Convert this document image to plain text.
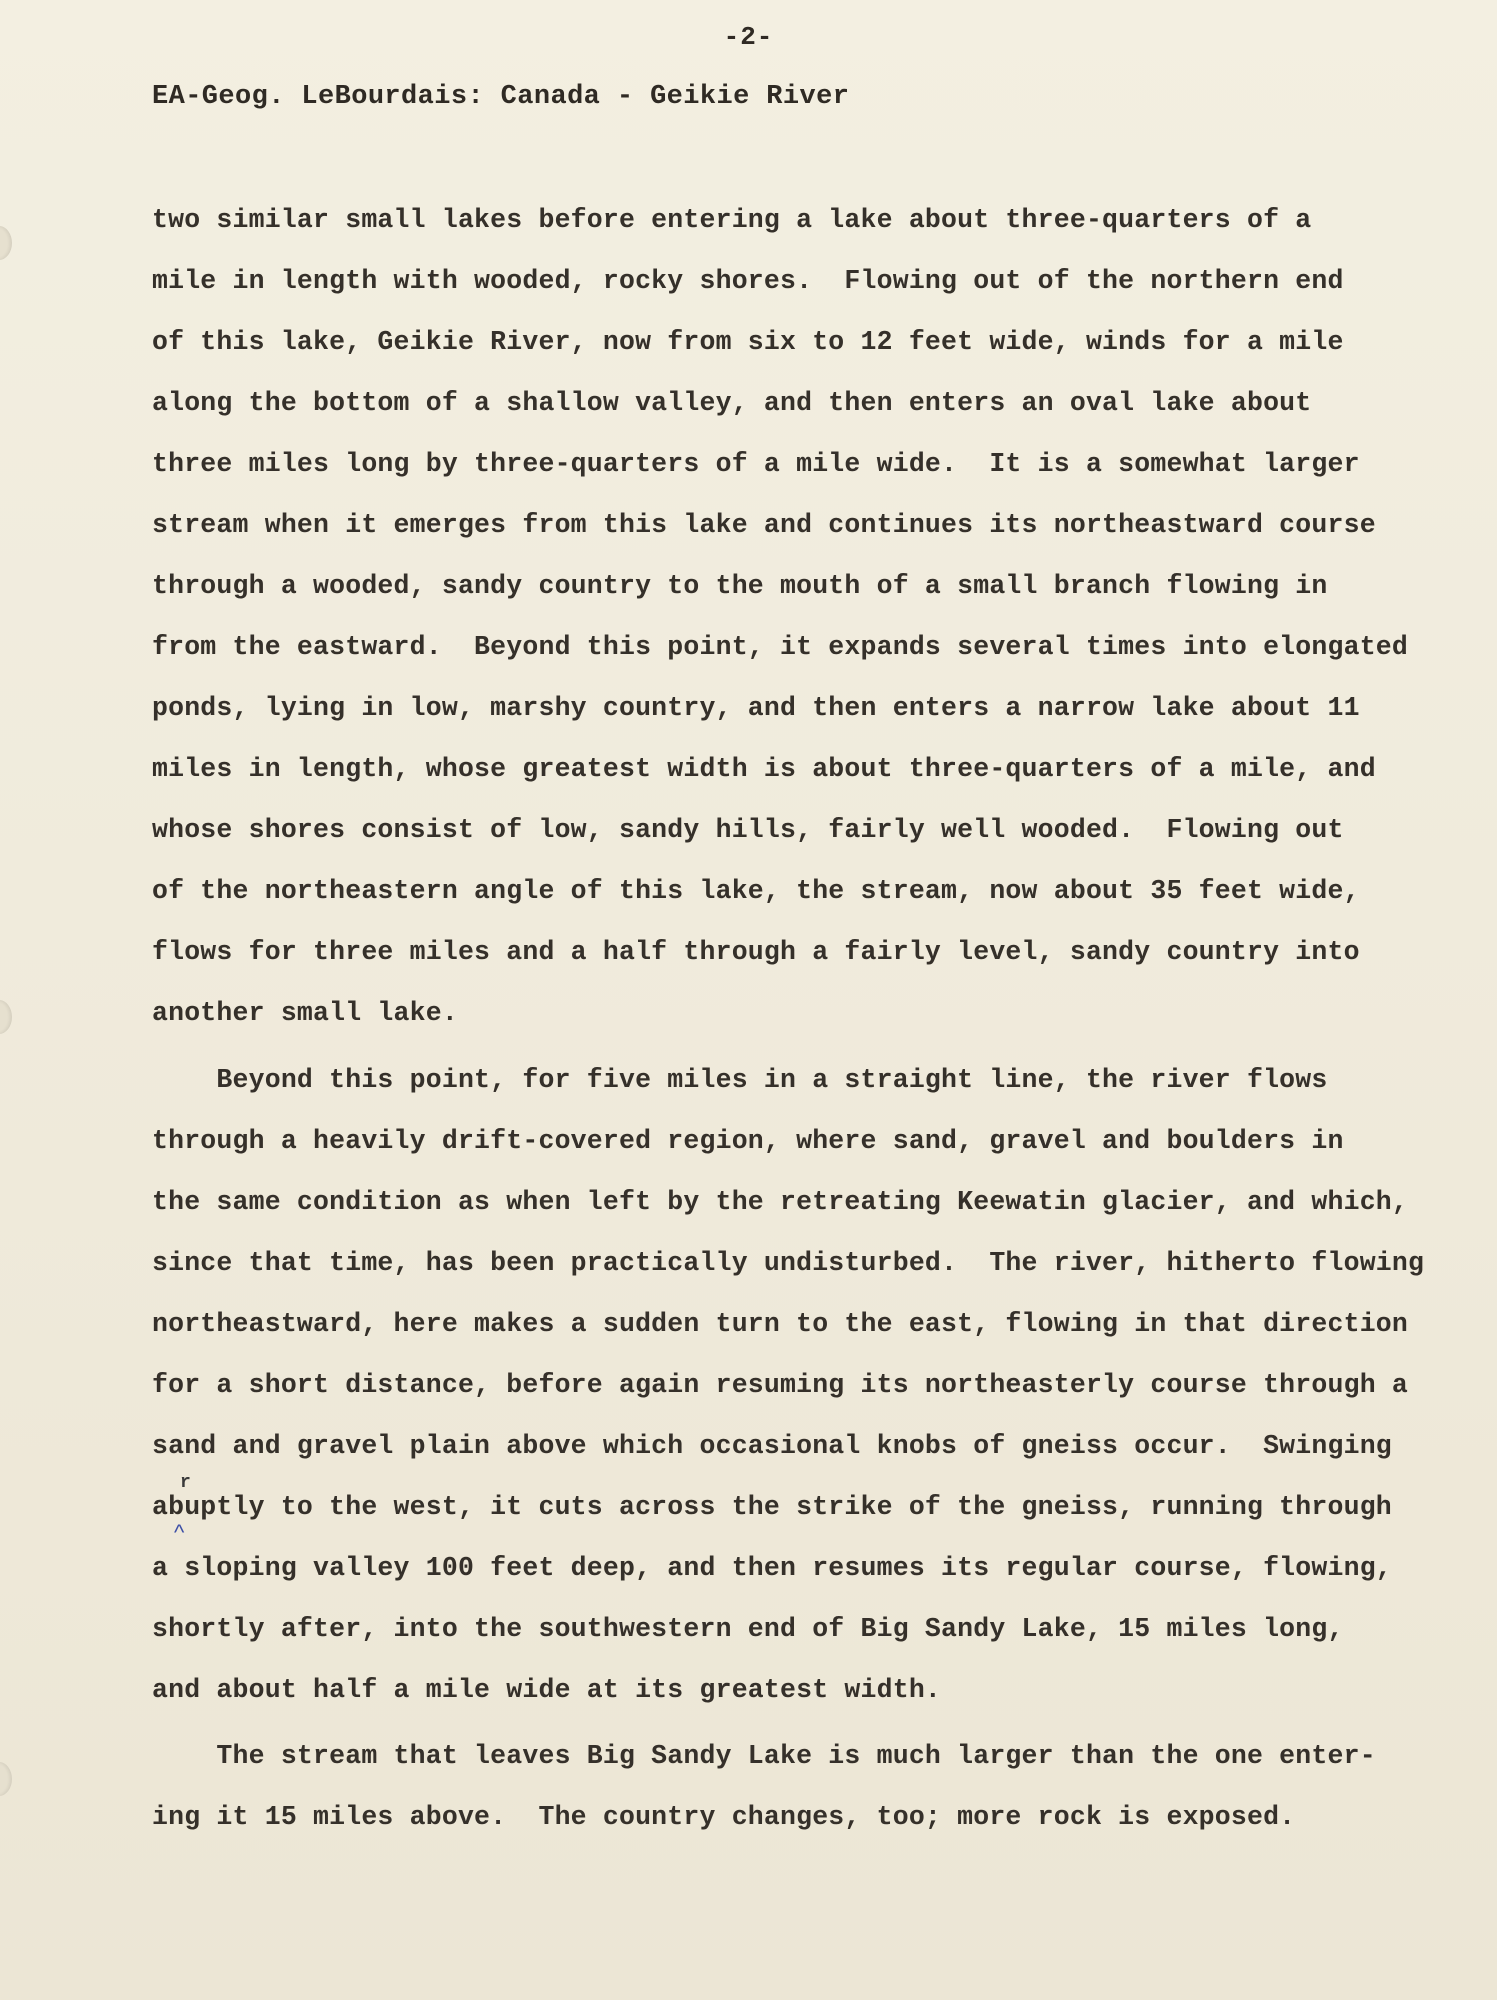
-2-
EA-Geog. LeBourdais: Canada - Geikie River
two similar small lakes before entering a lake about three-quarters of a
mile in length with wooded, rocky shores.  Flowing out of the northern end
of this lake, Geikie River, now from six to 12 feet wide, winds for a mile
along the bottom of a shallow valley, and then enters an oval lake about
three miles long by three-quarters of a mile wide.  It is a somewhat larger
stream when it emerges from this lake and continues its northeastward course
through a wooded, sandy country to the mouth of a small branch flowing in
from the eastward.  Beyond this point, it expands several times into elongated
ponds, lying in low, marshy country, and then enters a narrow lake about 11
miles in length, whose greatest width is about three-quarters of a mile, and
whose shores consist of low, sandy hills, fairly well wooded.  Flowing out
of the northeastern angle of this lake, the stream, now about 35 feet wide,
flows for three miles and a half through a fairly level, sandy country into
another small lake.
Beyond this point, for five miles in a straight line, the river flows
through a heavily drift-covered region, where sand, gravel and boulders in
the same condition as when left by the retreating Keewatin glacier, and which,
since that time, has been practically undisturbed.  The river, hitherto flowing
northeastward, here makes a sudden turn to the east, flowing in that direction
for a short distance, before again resuming its northeasterly course through a
sand and gravel plain above which occasional knobs of gneiss occur.  Swinging
abuptly to the west, it cuts across the strike of the gneiss, running through
a sloping valley 100 feet deep, and then resumes its regular course, flowing,
shortly after, into the southwestern end of Big Sandy Lake, 15 miles long,
and about half a mile wide at its greatest width.
The stream that leaves Big Sandy Lake is much larger than the one enter-
ing it 15 miles above.  The country changes, too; more rock is exposed.
r
^
